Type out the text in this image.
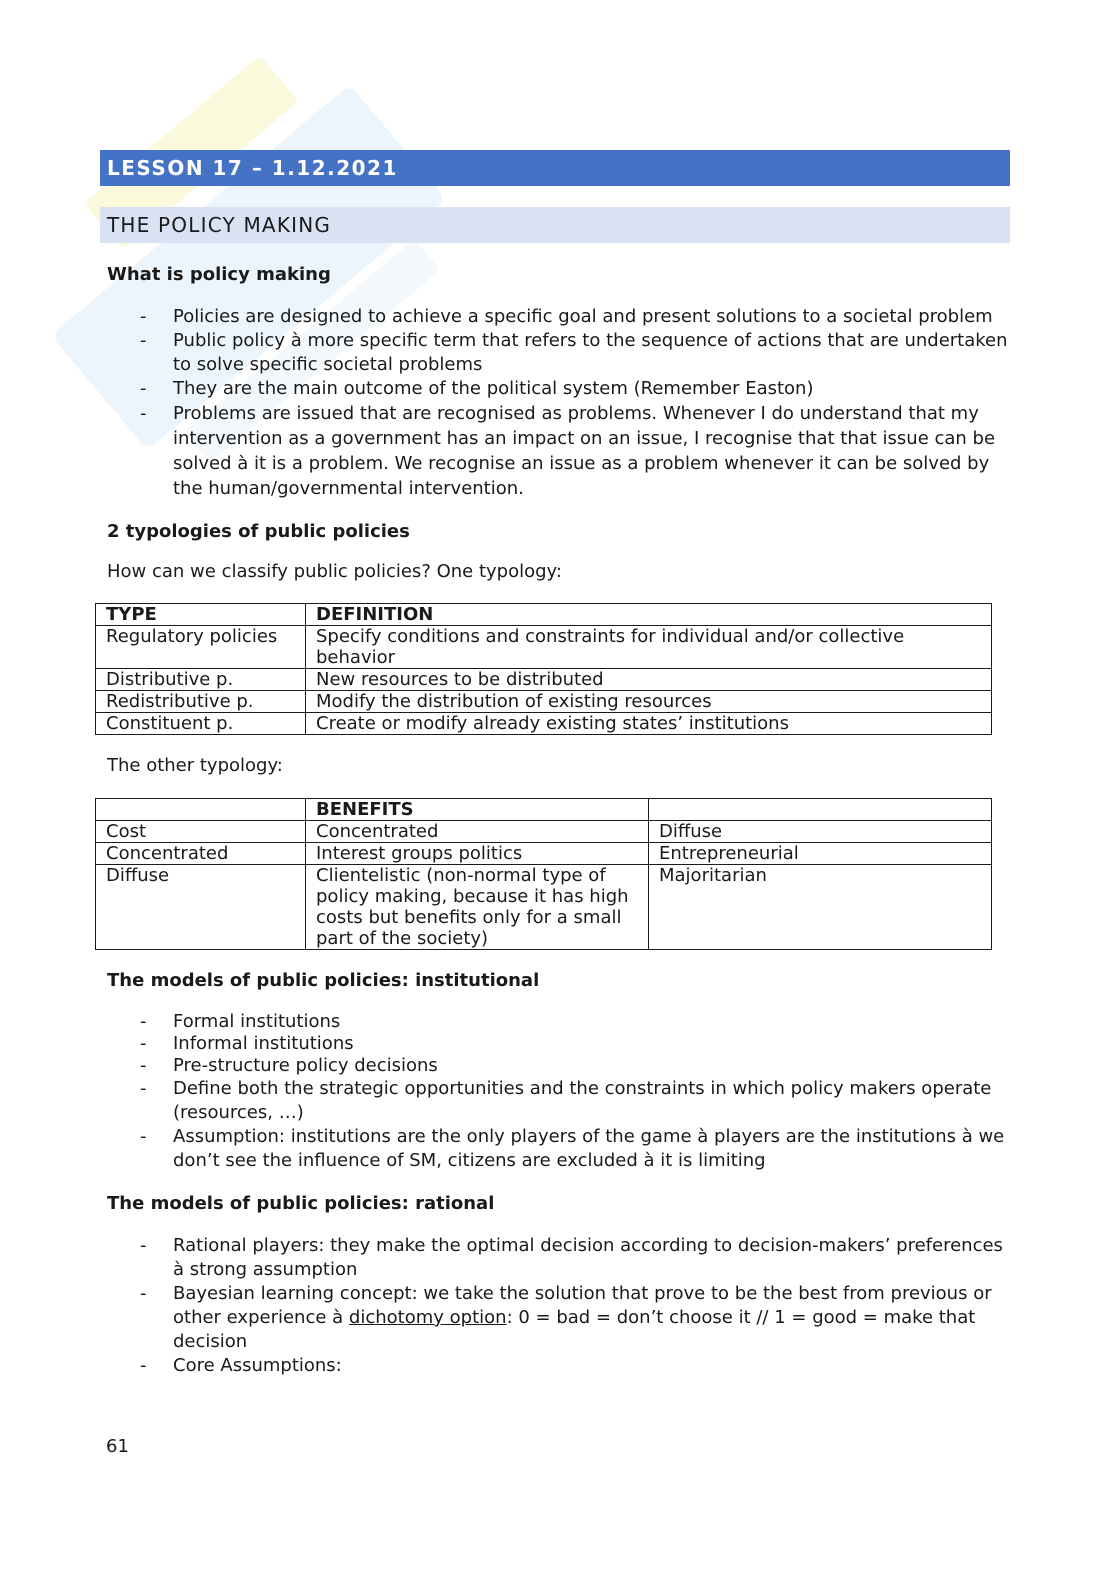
LESSON 17 – 1.12.2021
THE POLICY MAKING
What is policy making
- Policies are designed to achieve a specific goal and present solutions to a societal problem
- Public policy à more specific term that refers to the sequence of actions that are undertaken to solve specific societal problems
- They are the main outcome of the political system (Remember Easton)
- Problems are issued that are recognised as problems. Whenever I do understand that my intervention as a government has an impact on an issue, I recognise that that issue can be solved à it is a problem. We recognise an issue as a problem whenever it can be solved by the human/governmental intervention.
2 typologies of public policies

How can we classify public policies? One typology:

TYPE	DEFINITION
Regulatory policies	Specify conditions and constraints for individual and/or collective behavior
Distributive p.	New resources to be distributed
Redistributive p.	Modify the distribution of existing resources
Constituent p.	Create or modify already existing states’ institutions

The other typology:

	BENEFITS	
Cost	Concentrated	Diffuse
Concentrated	Interest groups politics	Entrepreneurial
Diffuse	Clientelistic (non-normal type of policy making, because it has high costs but benefits only for a small part of the society)	Majoritarian
The models of public policies: institutional
- Formal institutions
- Informal institutions
- Pre-structure policy decisions
- Define both the strategic opportunities and the constraints in which policy makers operate (resources, …)
- Assumption: institutions are the only players of the game à players are the institutions à we don’t see the influence of SM, citizens are excluded à it is limiting
The models of public policies: rational
- Rational players: they make the optimal decision according to decision-makers’ preferences à strong assumption
- Bayesian learning concept: we take the solution that prove to be the best from previous or other experience à dichotomy option: 0 = bad = don’t choose it // 1 = good = make that decision
- Core Assumptions:
61
